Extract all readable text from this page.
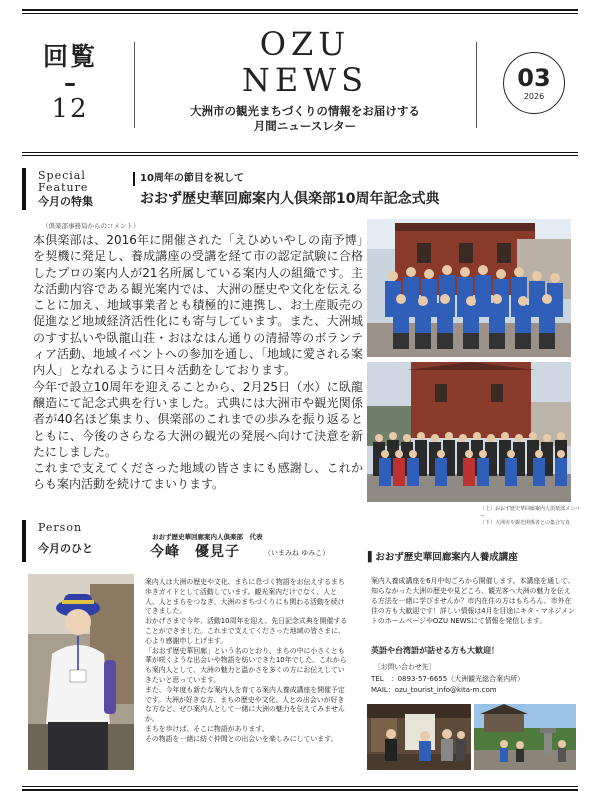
回覧
–
12
OZU
NEWS
大洲市の観光まちづくりの情報をお届けする
月間ニュースレター
03
2026
Special
Feature
今月の特集
10周年の節目を祝して
おおず歴史華回廊案内人倶楽部10周年記念式典
（倶楽部事務局からのコメント）

本倶楽部は、2016年に開催された「えひめいやしの南予博」を契機に発足し、養成講座の受講を経て市の認定試験に合格したプロの案内人が21名所属している案内人の組織です。主な活動内容である観光案内では、大洲の歴史や文化を伝えることに加え、地域事業者とも積極的に連携し、お土産販売の促進など地域経済活性化にも寄与しています。また、大洲城のすす払いや臥龍山荘・おはなはん通りの清掃等のボランティア活動、地域イベントへの参加を通し、「地域に愛される案内人」となれるように日々活動をしております。

今年で設立10周年を迎えることから、2月25日（水）に臥龍醸造にて記念式典を行いました。式典には大洲市や観光関係者が40名ほど集まり、倶楽部のこれまでの歩みを振り返るとともに、今後のさらなる大洲の観光の発展へ向けて決意を新たにしました。

これまで支えてくださった地域の皆さまにも感謝し、これからも案内活動を続けてまいります。

（上）おおず歴史華回廊案内人倶楽部メンバー
（下）大洲市や観光関係者との集合写真
Person
今月のひと
おおず歴史華回廊案内人倶楽部　代表
今峰　優見子	（いまみね ゆみこ）

案内人は大洲の歴史や文化、まちに息づく物語をお伝えするまち歩きガイドとして活動しています。観光案内だけでなく、人と人、人とまちをつなぎ、大洲のまちづくりにも関わる活動を続けてきました。

おかげさまで今年、活動10周年を迎え、先日記念式典を開催することができました。これまで支えてくださった地域の皆さまに、心より感謝申し上げます。

「おおず歴史華回廊」という名のとおり、まちの中に小さくとも華が咲くような出会いや物語を紡いできた10年でした。これからも案内人として、大洲の魅力と温かさを多くの方にお伝えしていきたいと思っています。

また、今年度も新たな案内人を育てる案内人養成講座を開催予定です。大洲が好きな方、まちの歴史や文化、人との出会いが好きな方など、ぜひ案内人として一緒に大洲の魅力を伝えてみませんか。

まちを歩けば、そこに物語があります。

その物語を一緒に紡ぐ仲間との出会いを楽しみにしています。

▌おおず歴史華回廊案内人養成講座
案内人養成講座を6月中旬ごろから開催します。本講座を通して、知らなかった大洲の歴史や見どころ、観光客へ大洲の魅力を伝える方法を一緒に学びませんか？市内在住の方はもちろん、市外在住の方も大歓迎です！詳しい情報は4月を目途にキタ・マネジメントのホームページやOZU NEWSにて情報を発信します。
英語や台湾語が話せる方も大歓迎！
［お問い合わせ先］
TEL　：0893-57-6655（大洲観光総合案内所）
MAIL：ozu_tourist_info@kita-m.com
